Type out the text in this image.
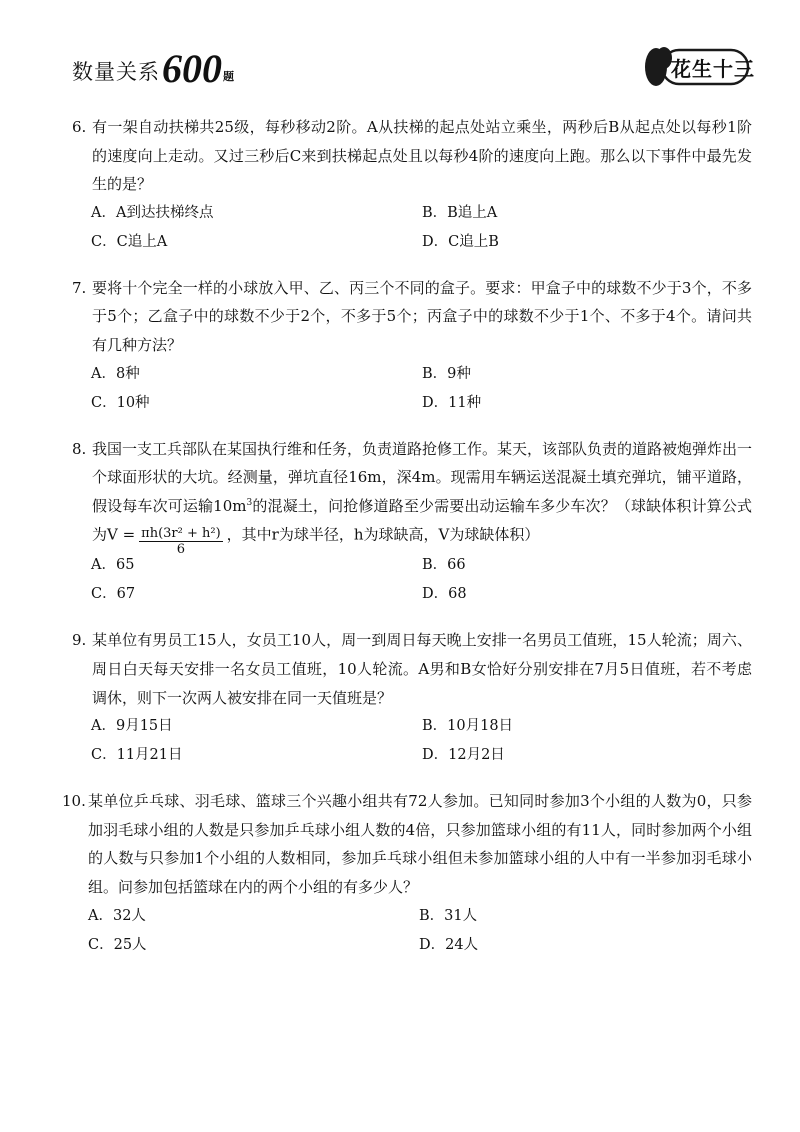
数量关系 600 题	花生十三
6. 有一架自动扶梯共25级，每秒移动2阶。A从扶梯的起点处站立乘坐，两秒后B从起点处以每秒1阶的速度向上走动。又过三秒后C来到扶梯起点处且以每秒4阶的速度向上跑。那么以下事件中最先发生的是？
A．A到达扶梯终点	B．B追上A
C．C追上A	D．C追上B
7. 要将十个完全一样的小球放入甲、乙、丙三个不同的盒子。要求：甲盒子中的球数不少于3个，不多于5个；乙盒子中的球数不少于2个，不多于5个；丙盒子中的球数不少于1个、不多于4个。请问共有几种方法？
A．8种	B．9种
C．10种	D．11种
8. 我国一支工兵部队在某国执行维和任务，负责道路抢修工作。某天，该部队负责的道路被炮弹炸出一个球面形状的大坑。经测量，弹坑直径16m，深4m。现需用车辆运送混凝土填充弹坑，铺平道路，假设每车次可运输$10m^3$的混凝土，问抢修道路至少需要出动运输车多少车次？（球缺体积计算公式为$V = \frac{\text{πh(3r² + h²)}}{6}$ ，其中r为球半径，h为球缺高，V为球缺体积）
A．65	B．66
C．67	D．68
9. 某单位有男员工15人，女员工10人，周一到周日每天晚上安排一名男员工值班，15人轮流；周六、周日白天每天安排一名女员工值班，10人轮流。A男和B女恰好分别安排在7月5日值班，若不考虑调休，则下一次两人被安排在同一天值班是？
A．9月15日	B．10月18日
C．11月21日	D．12月2日
10. 某单位乒乓球、羽毛球、篮球三个兴趣小组共有72人参加。已知同时参加3个小组的人数为0，只参加羽毛球小组的人数是只参加乒乓球小组人数的4倍，只参加篮球小组的有11人，同时参加两个小组的人数与只参加1个小组的人数相同，参加乒乓球小组但未参加篮球小组的人中有一半参加羽毛球小组。问参加包括篮球在内的两个小组的有多少人？
A．32人	B．31人
C．25人	D．24人
